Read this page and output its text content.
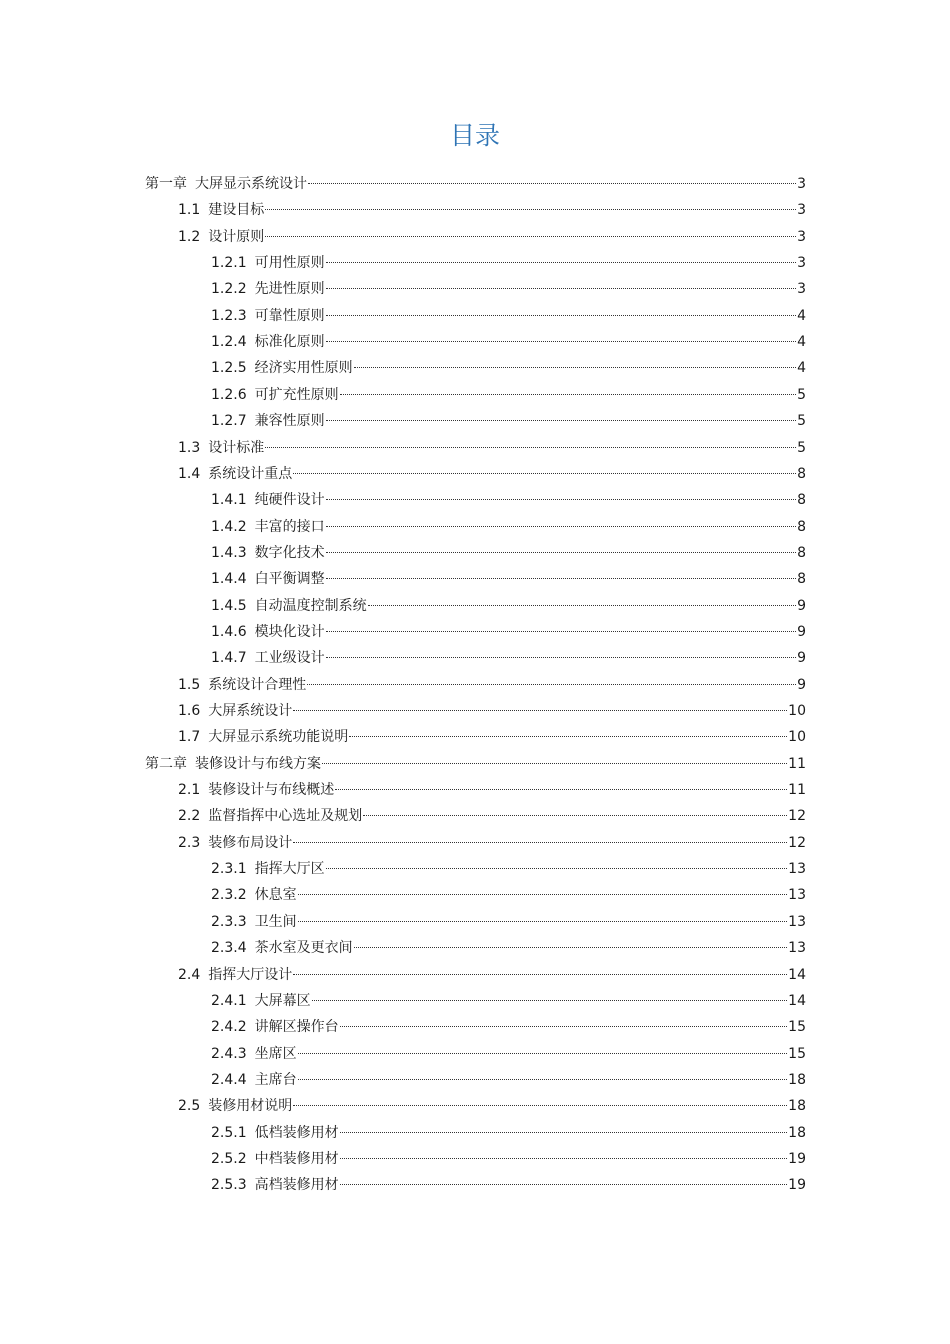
目录
第一章 大屏显示系统设计	3
1.1 建设目标	3
1.2 设计原则	3
1.2.1 可用性原则	3
1.2.2 先进性原则	3
1.2.3 可靠性原则	4
1.2.4 标准化原则	4
1.2.5 经济实用性原则	4
1.2.6 可扩充性原则	5
1.2.7 兼容性原则	5
1.3 设计标准	5
1.4 系统设计重点	8
1.4.1 纯硬件设计	8
1.4.2 丰富的接口	8
1.4.3 数字化技术	8
1.4.4 白平衡调整	8
1.4.5 自动温度控制系统	9
1.4.6 模块化设计	9
1.4.7 工业级设计	9
1.5 系统设计合理性	9
1.6 大屏系统设计	10
1.7 大屏显示系统功能说明	10
第二章 装修设计与布线方案	11
2.1 装修设计与布线概述	11
2.2 监督指挥中心选址及规划	12
2.3 装修布局设计	12
2.3.1 指挥大厅区	13
2.3.2 休息室	13
2.3.3 卫生间	13
2.3.4 茶水室及更衣间	13
2.4 指挥大厅设计	14
2.4.1 大屏幕区	14
2.4.2 讲解区操作台	15
2.4.3 坐席区	15
2.4.4 主席台	18
2.5 装修用材说明	18
2.5.1 低档装修用材	18
2.5.2 中档装修用材	19
2.5.3 高档装修用材	19
